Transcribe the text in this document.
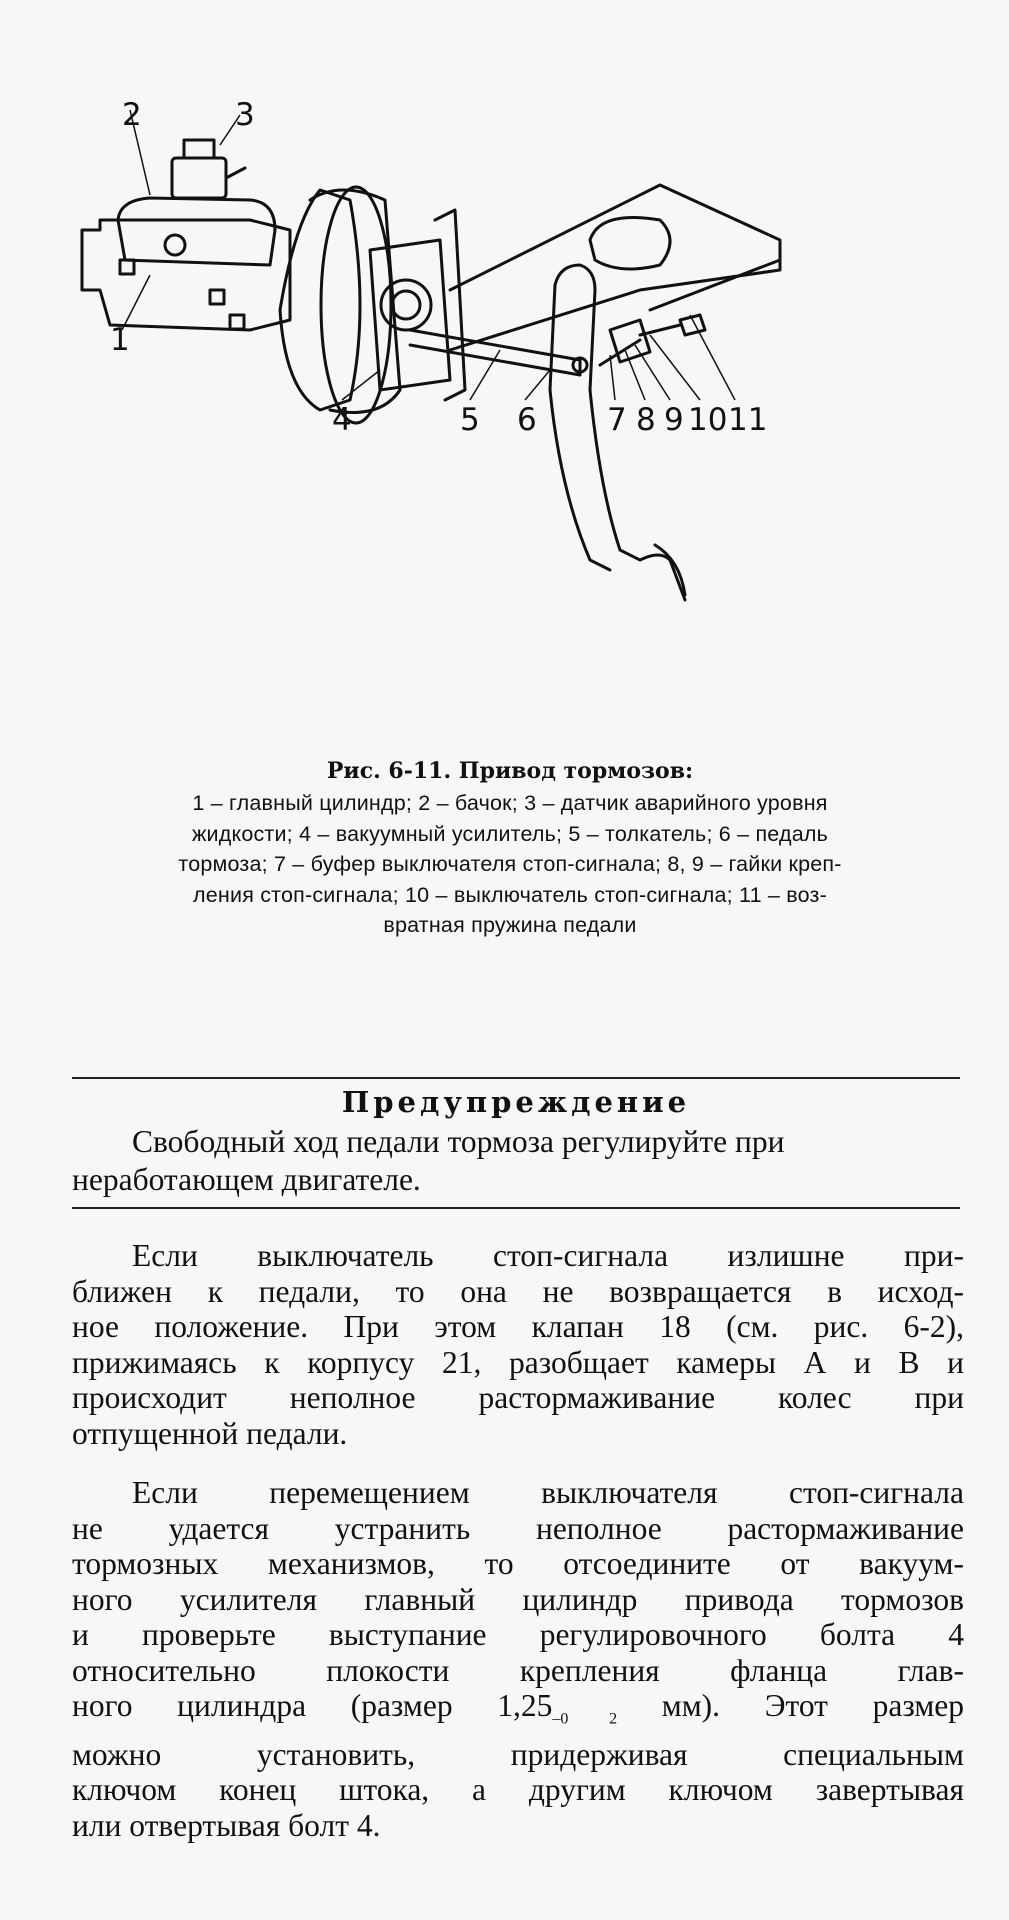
2	3
1
4	5 6 7 8 9 10 11
Рис. 6-11. Привод тормозов:
1 – главный цилиндр; 2 – бачок; 3 – датчик аварийного уровня
жидкости; 4 – вакуумный усилитель; 5 – толкатель; 6 – педаль
тормоза; 7 – буфер выключателя стоп-сигнала; 8, 9 – гайки креп-
ления стоп-сигнала; 10 – выключатель стоп-сигнала; 11 – воз-
вратная пружина педали
Предупреждение
Свободный ход педали тормоза регулируйте при
неработающем двигателе.
Если выключатель стоп-сигнала излишне при-
ближен к педали, то она не возвращается в исход-
ное положение. При этом клапан 18 (см. рис. 6-2),
прижимаясь к корпусу 21, разобщает камеры А и В и
происходит неполное растормаживание колес при
отпущенной педали.
Если перемещением выключателя стоп-сигнала
не удается устранить неполное растормаживание
тормозных механизмов, то отсоедините от вакуум-
ного усилителя главный цилиндр привода тормозов
и проверьте выступание регулировочного болта 4
относительно плокости крепления фланца глав-
ного цилиндра (размер $1,25_{-0 2}$ мм). Этот размер
можно установить, придерживая специальным
ключом конец штока, а другим ключом завертывая
или отвертывая болт 4.
